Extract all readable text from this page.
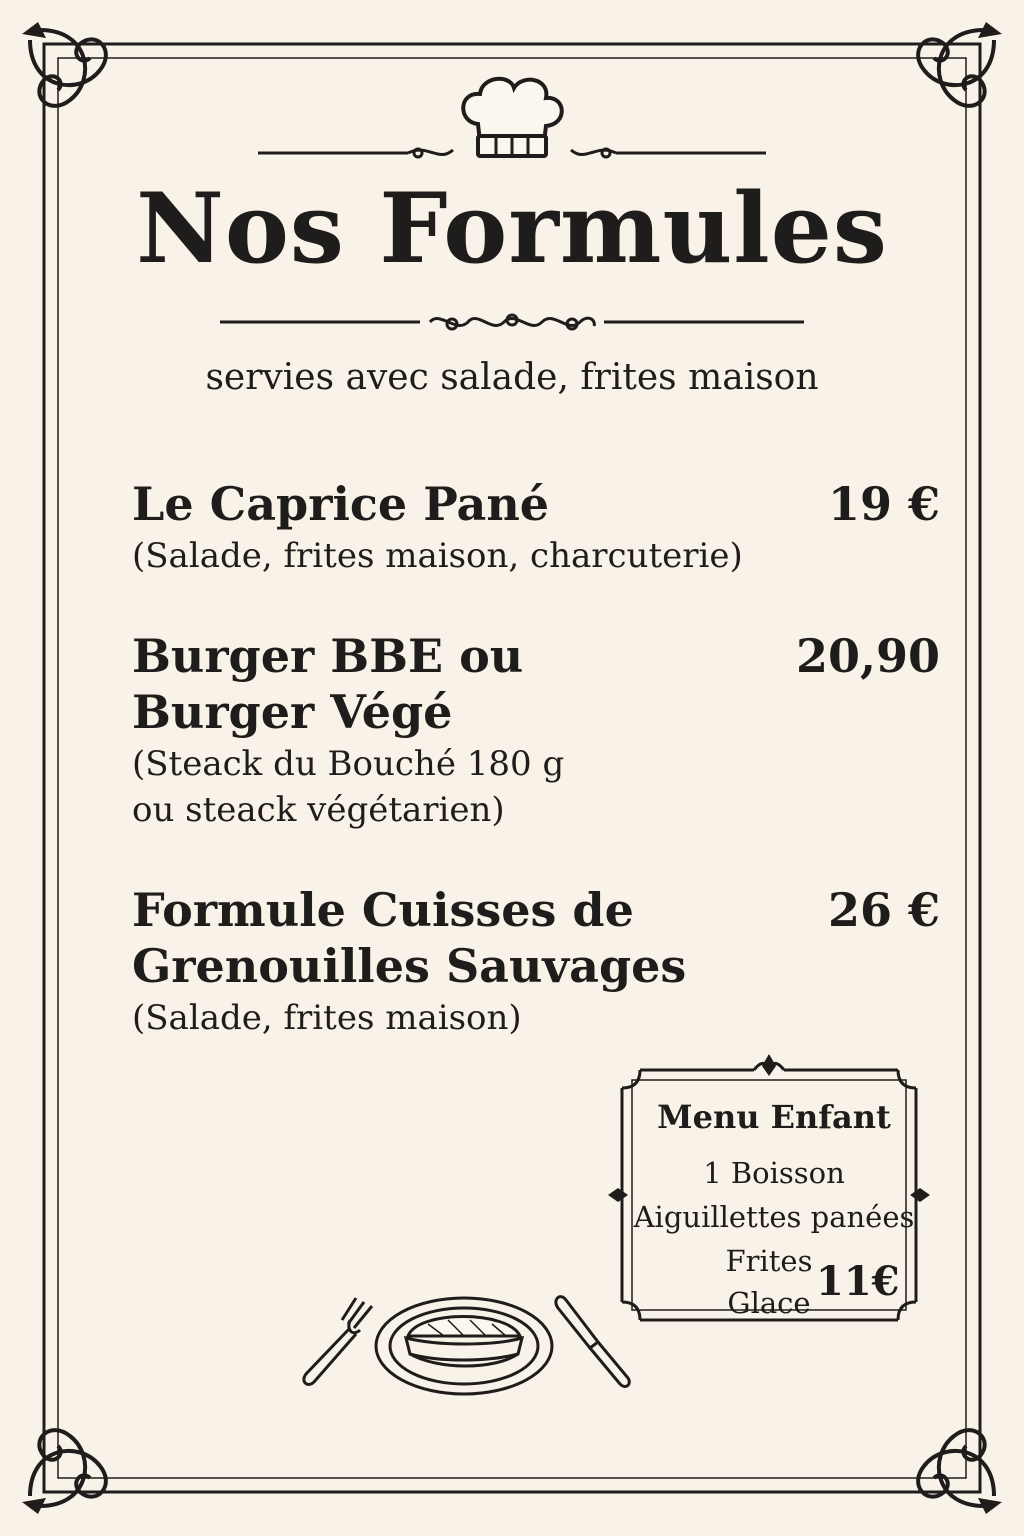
Nos Formules
servies avec salade, frites maison
Le Caprice Pané
(Salade, frites maison, charcuterie)
19 €
Burger BBE ou
Burger Végé
(Steack du Bouché 180 g
ou steack végétarien)
20,90
Formule Cuisses de
Grenouilles Sauvages
(Salade, frites maison)
26 €
Menu Enfant
1 Boisson
Aiguillettes panées
Frites
Glace 11€
